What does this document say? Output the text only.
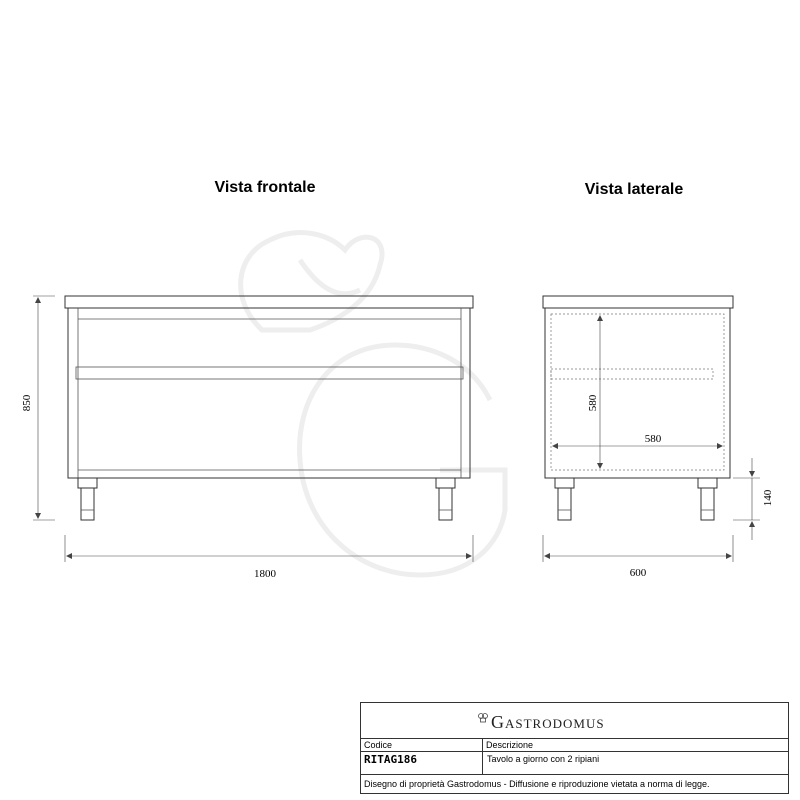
Vista frontale	Vista laterale
850
1800
580
580
140
600
GASTRODOMUS
Codice
RITAG186
Descrizione
Tavolo a giorno con 2 ripiani
Disegno di proprietà Gastrodomus - Diffusione e riproduzione vietata a norma di legge.
